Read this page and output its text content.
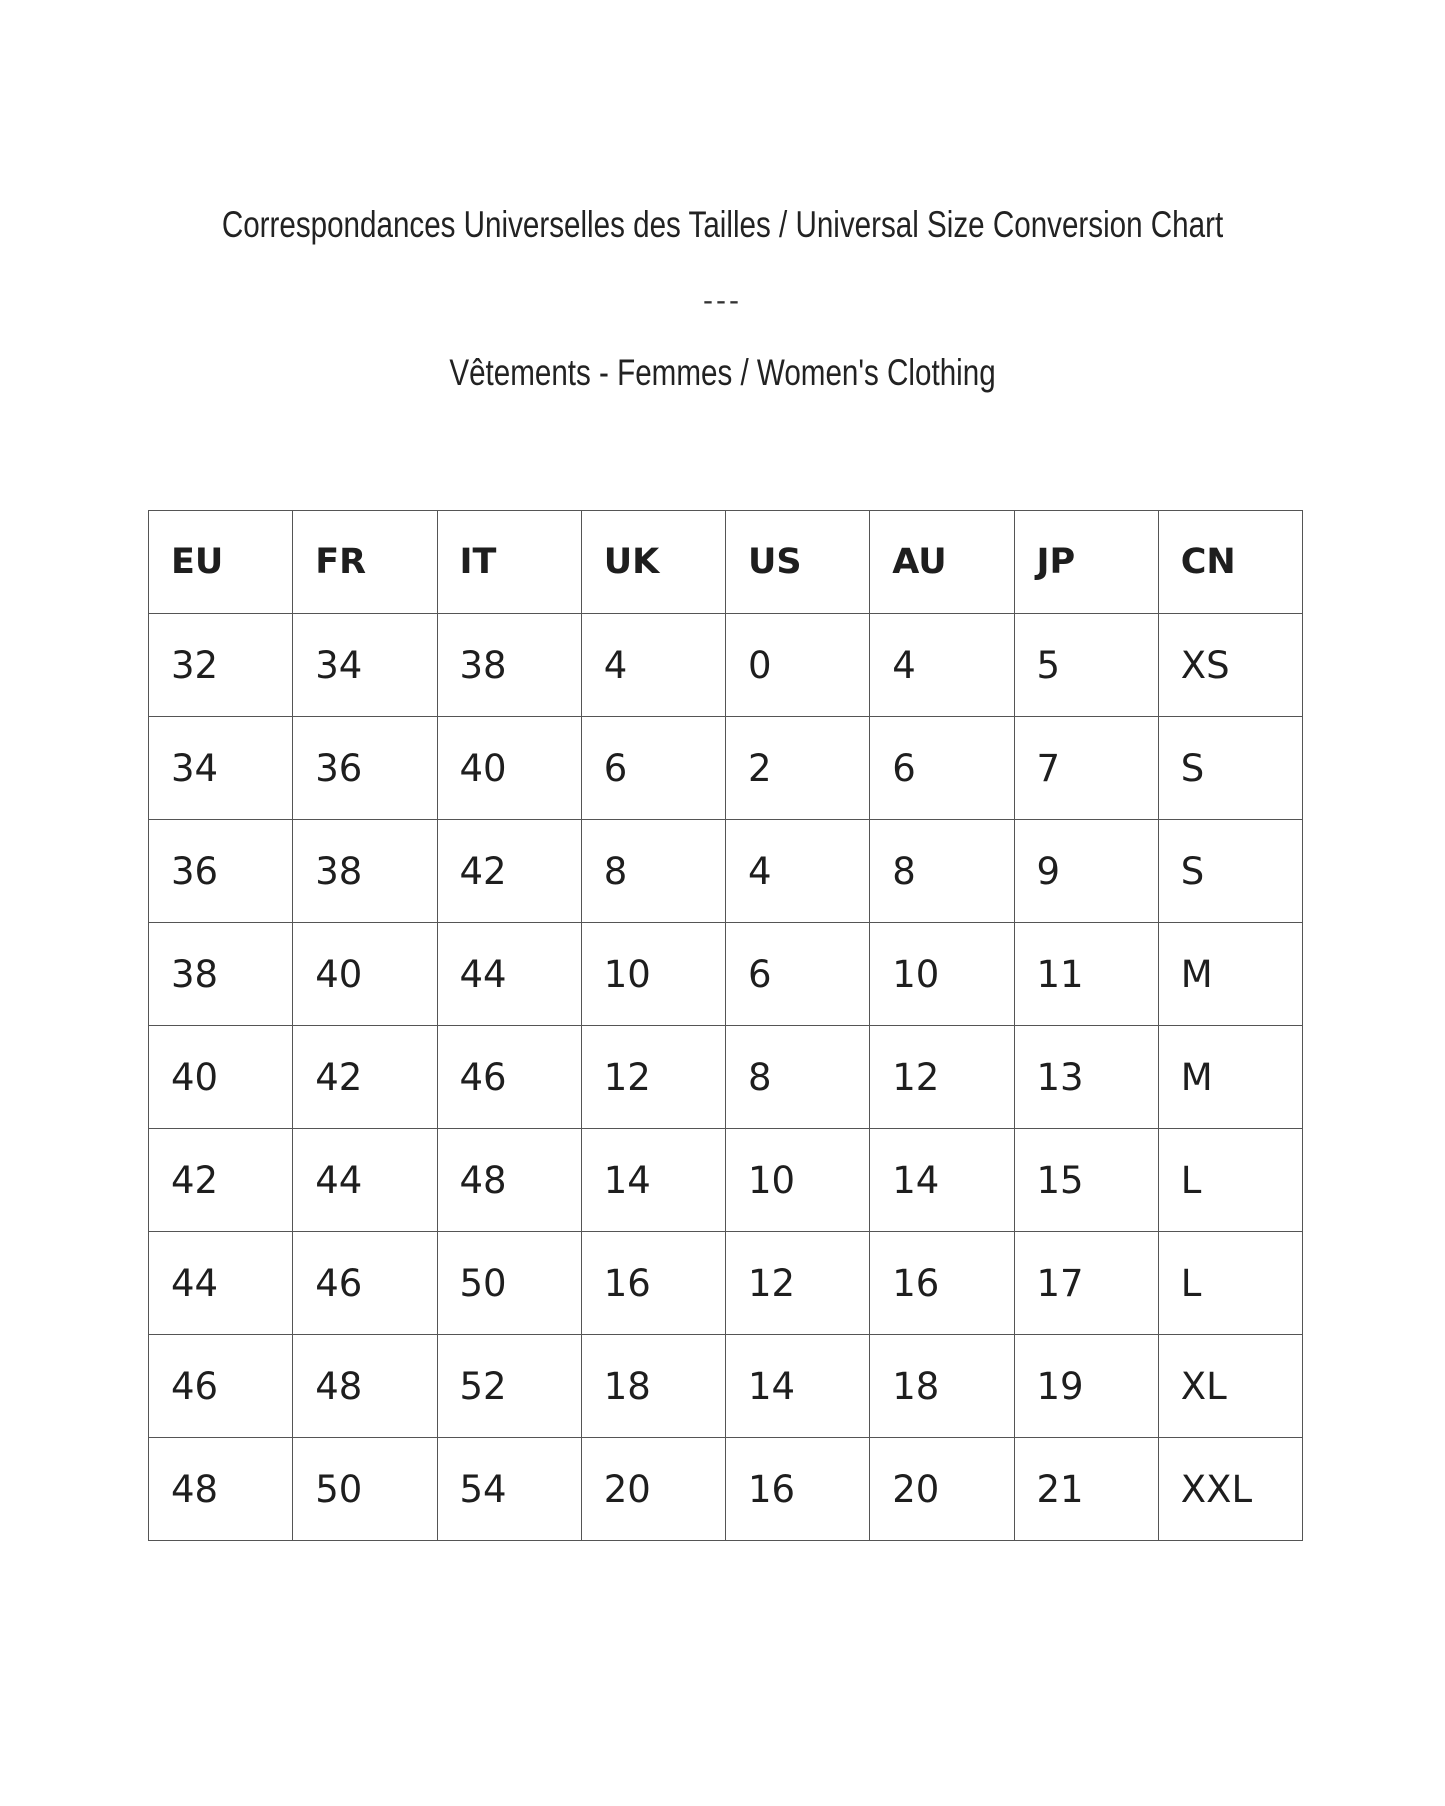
Correspondances Universelles des Tailles / Universal Size Conversion Chart
---
Vêtements - Femmes / Women's Clothing
EU	FR	IT	UK	US	AU	JP	CN
32	34	38	4	0	4	5	XS
34	36	40	6	2	6	7	S
36	38	42	8	4	8	9	S
38	40	44	10	6	10	11	M
40	42	46	12	8	12	13	M
42	44	48	14	10	14	15	L
44	46	50	16	12	16	17	L
46	48	52	18	14	18	19	XL
48	50	54	20	16	20	21	XXL
